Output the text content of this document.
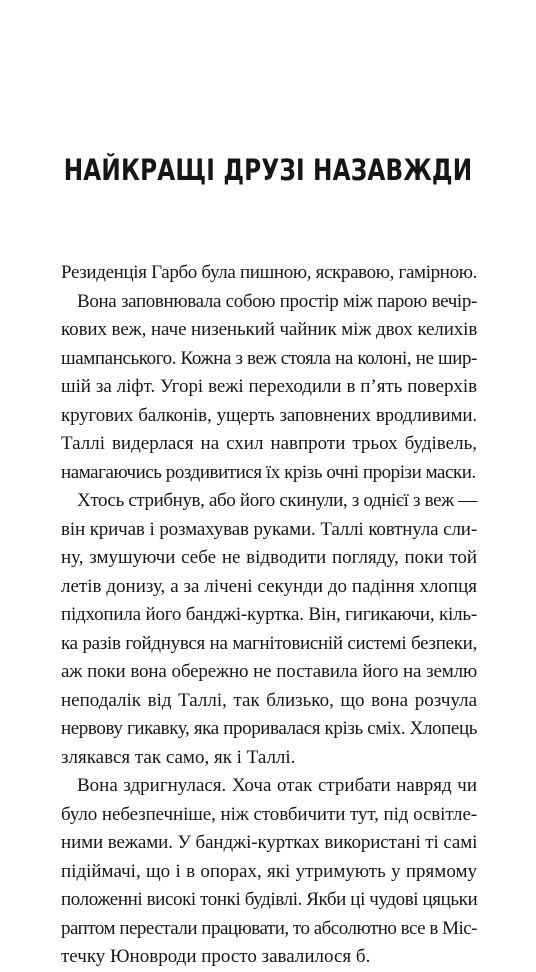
НАЙКРАЩІ ДРУЗІ НАЗАВЖДИ
Резиденція Гарбо була пишною, яскравою, гамірною.
Вона заповнювала собою простір між парою вечір-
кових веж, наче низенький чайник між двох келихів
шампанського. Кожна з веж стояла на колоні, не шир-
шій за ліфт. Угорі вежі переходили в п’ять поверхів
кругових балконів, ущерть заповнених вродливими.
Таллі видерлася на схил навпроти трьох будівель,
намагаючись роздивитися їх крізь очні прорізи маски.
Хтось стрибнув, або його скинули, з однієї з веж —
він кричав і розмахував руками. Таллі ковтнула сли-
ну, змушуючи себе не відводити погляду, поки той
летів донизу, а за лічені секунди до падіння хлопця
підхопила його банджі-куртка. Він, гигикаючи, кіль-
ка разів гойднувся на магнітовисній системі безпеки,
аж поки вона обережно не поставила його на землю
неподалік від Таллі, так близько, що вона розчула
нервову гикавку, яка проривалася крізь сміх. Хлопець
злякався так само, як і Таллі.
Вона здригнулася. Хоча отак стрибати навряд чи
було небезпечніше, ніж стовбичити тут, під освітле-
ними вежами. У банджі-куртках використані ті самі
підіймачі, що і в опорах, які утримують у прямому
положенні високі тонкі будівлі. Якби ці чудові цяцьки
раптом перестали працювати, то абсолютно все в Міс-
течку Юновроди просто завалилося б.
